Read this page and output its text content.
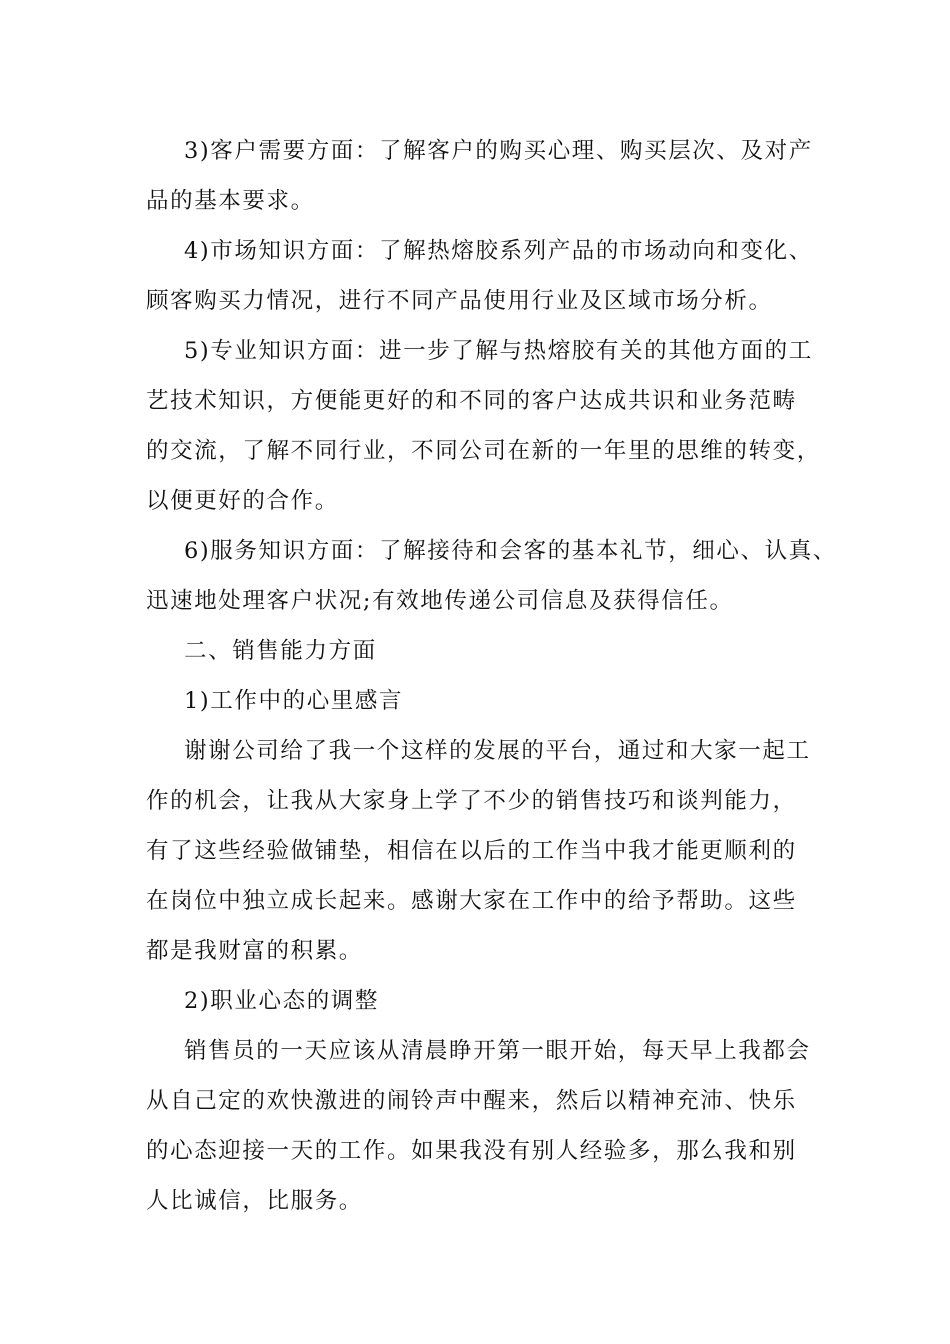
3)客户需要方面：了解客户的购买心理、购买层次、及对产
品的基本要求。
4)市场知识方面：了解热熔胶系列产品的市场动向和变化、
顾客购买力情况，进行不同产品使用行业及区域市场分析。
5)专业知识方面：进一步了解与热熔胶有关的其他方面的工
艺技术知识，方便能更好的和不同的客户达成共识和业务范畴
的交流，了解不同行业，不同公司在新的一年里的思维的转变，
以便更好的合作。
6)服务知识方面：了解接待和会客的基本礼节，细心、认真、
迅速地处理客户状况;有效地传递公司信息及获得信任。
二、销售能力方面
1)工作中的心里感言
谢谢公司给了我一个这样的发展的平台，通过和大家一起工
作的机会，让我从大家身上学了不少的销售技巧和谈判能力，
有了这些经验做铺垫，相信在以后的工作当中我才能更顺利的
在岗位中独立成长起来。感谢大家在工作中的给予帮助。这些
都是我财富的积累。
2)职业心态的调整
销售员的一天应该从清晨睁开第一眼开始，每天早上我都会
从自己定的欢快激进的闹铃声中醒来，然后以精神充沛、快乐
的心态迎接一天的工作。如果我没有别人经验多，那么我和别
人比诚信，比服务。
